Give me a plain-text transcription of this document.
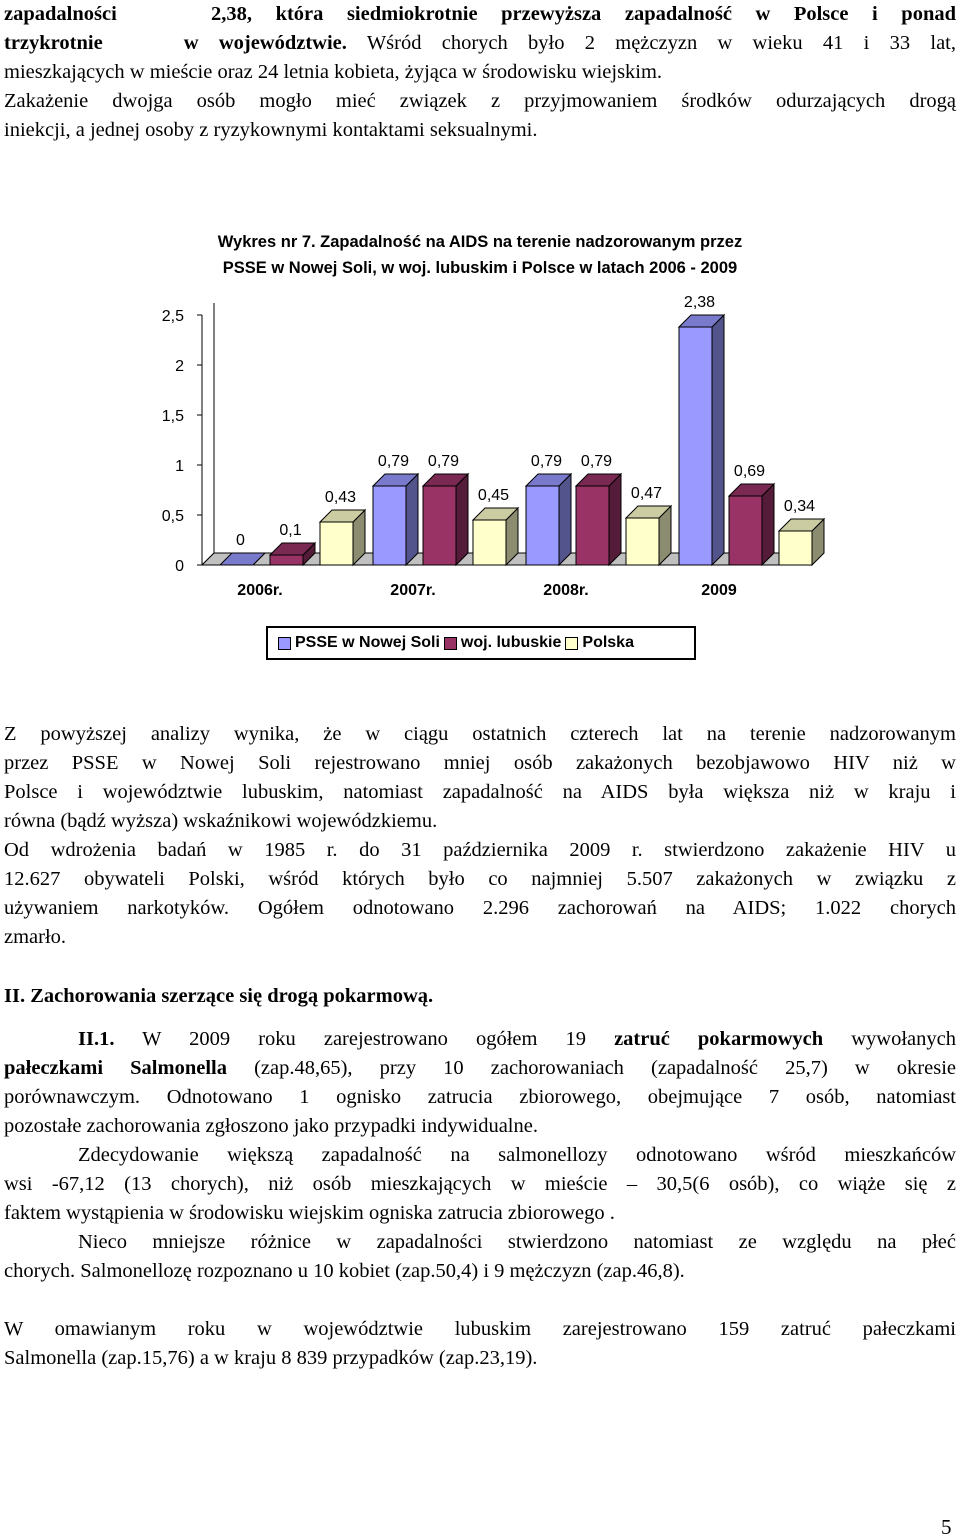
zapadalności	2,38, która siedmiokrotnie przewyższa zapadalność w Polsce i ponad

trzykrotnie	w województwie. Wśród chorych było 2 mężczyzn w wieku 41 i 33 lat,

mieszkających w mieście oraz 24 letnia kobieta, żyjąca w środowisku wiejskim.

Zakażenie dwojga osób mogło mieć związek z przyjmowaniem środków odurzających drogą

iniekcji, a jednej osoby z ryzykownymi kontaktami seksualnymi.

Wykres nr 7. Zapadalność na AIDS na terenie nadzorowanym przez
PSSE w Nowej Soli, w woj. lubuskim i Polsce w latach 2006 - 2009
0
0,5
1
1,5
2
2,5
0
0,1
0,43
2006r.
0,79 0,79
0,45
2007r.
0,79 0,79
0,47
2008r.
2,38
0,69
0,34
2009
PSSE w Nowej Soli woj. lubuskie Polska

Z powyższej analizy wynika, że w ciągu ostatnich czterech lat na terenie nadzorowanym

przez PSSE w Nowej Soli rejestrowano mniej osób zakażonych bezobjawowo HIV niż w

Polsce i województwie lubuskim, natomiast zapadalność na AIDS była większa niż w kraju i

równa (bądź wyższa) wskaźnikowi wojewódzkiemu.

Od wdrożenia badań w 1985 r. do 31 października 2009 r. stwierdzono zakażenie HIV u

12.627 obywateli Polski, wśród których było co najmniej 5.507 zakażonych w związku z

używaniem narkotyków. Ogółem odnotowano 2.296 zachorowań na AIDS; 1.022 chorych

zmarło.

II. Zachorowania szerzące się drogą pokarmową.

II.1. W 2009 roku zarejestrowano ogółem 19 zatruć pokarmowych wywołanych

pałeczkami Salmonella (zap.48,65), przy 10 zachorowaniach (zapadalność 25,7) w okresie

porównawczym. Odnotowano 1 ognisko zatrucia zbiorowego, obejmujące 7 osób, natomiast

pozostałe zachorowania zgłoszono jako przypadki indywidualne.

Zdecydowanie większą zapadalność na salmonellozy odnotowano wśród mieszkańców

wsi -67,12 (13 chorych), niż osób mieszkających w mieście – 30,5(6 osób), co wiąże się z

faktem wystąpienia w środowisku wiejskim ogniska zatrucia zbiorowego .

Nieco mniejsze różnice w zapadalności stwierdzono natomiast ze względu na płeć

chorych. Salmonellozę rozpoznano u 10 kobiet (zap.50,4) i 9 mężczyzn (zap.46,8).

W omawianym roku w województwie lubuskim zarejestrowano 159 zatruć pałeczkami

Salmonella (zap.15,76) a w kraju 8 839 przypadków (zap.23,19).

5
